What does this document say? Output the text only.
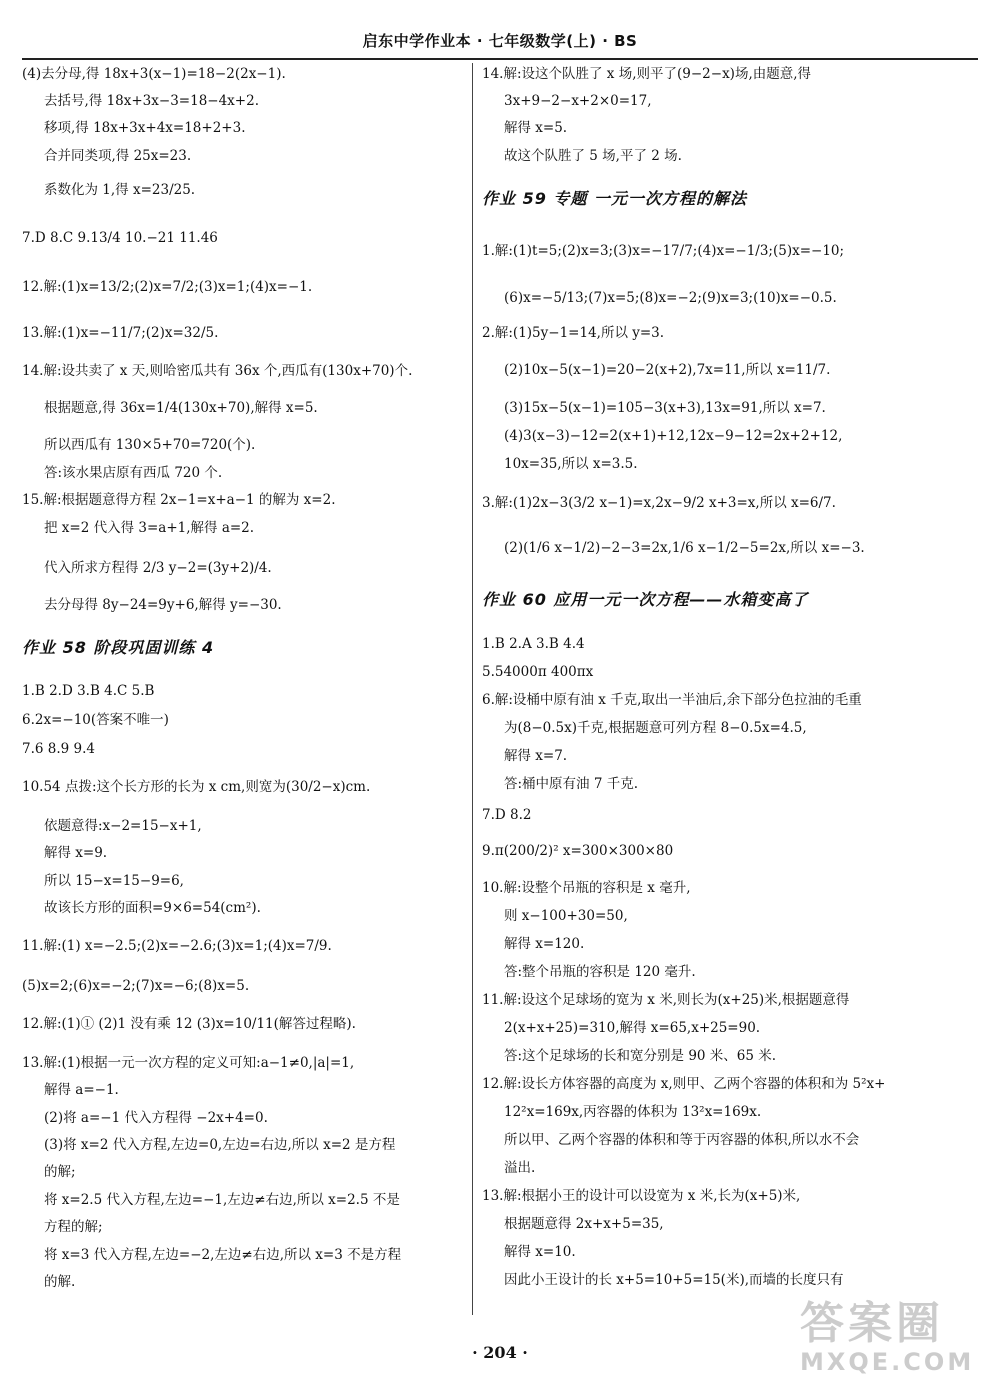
启东中学作业本 · 七年级数学(上) · BS
(4)去分母,得 18x+3(x−1)=18−2(2x−1).
去括号,得 18x+3x−3=18−4x+2.
移项,得 18x+3x+4x=18+2+3.
合并同类项,得 25x=23.
系数化为 1,得 x=23/25.
7.D 8.C 9.13/4 10.−21 11.46
12.解:(1)x=13/2;(2)x=7/2;(3)x=1;(4)x=−1.
13.解:(1)x=−11/7;(2)x=32/5.
14.解:设共卖了 x 天,则哈密瓜共有 36x 个,西瓜有(130x+70)个.
根据题意,得 36x=1/4(130x+70),解得 x=5.
所以西瓜有 130×5+70=720(个).
答:该水果店原有西瓜 720 个.
15.解:根据题意得方程 2x−1=x+a−1 的解为 x=2.
把 x=2 代入得 3=a+1,解得 a=2.
代入所求方程得 2/3 y−2=(3y+2)/4.
去分母得 8y−24=9y+6,解得 y=−30.
作业 58 阶段巩固训练 4
1.B 2.D 3.B 4.C 5.B
6.2x=−10(答案不唯一)
7.6 8.9 9.4
10.54 点拨:这个长方形的长为 x cm,则宽为(30/2−x)cm.
依题意得:x−2=15−x+1,
解得 x=9.
所以 15−x=15−9=6,
故该长方形的面积=9×6=54(cm²).
11.解:(1) x=−2.5;(2)x=−2.6;(3)x=1;(4)x=7/9.
(5)x=2;(6)x=−2;(7)x=−6;(8)x=5.
12.解:(1)① (2)1 没有乘 12 (3)x=10/11(解答过程略).
13.解:(1)根据一元一次方程的定义可知:a−1≠0,|a|=1,
解得 a=−1.
(2)将 a=−1 代入方程得 −2x+4=0.
(3)将 x=2 代入方程,左边=0,左边=右边,所以 x=2 是方程
的解;
将 x=2.5 代入方程,左边=−1,左边≠右边,所以 x=2.5 不是
方程的解;
将 x=3 代入方程,左边=−2,左边≠右边,所以 x=3 不是方程
的解.
14.解:设这个队胜了 x 场,则平了(9−2−x)场,由题意,得
3x+9−2−x+2×0=17,
解得 x=5.
故这个队胜了 5 场,平了 2 场.
作业 59 专题 一元一次方程的解法
1.解:(1)t=5;(2)x=3;(3)x=−17/7;(4)x=−1/3;(5)x=−10;
(6)x=−5/13;(7)x=5;(8)x=−2;(9)x=3;(10)x=−0.5.
2.解:(1)5y−1=14,所以 y=3.
(2)10x−5(x−1)=20−2(x+2),7x=11,所以 x=11/7.
(3)15x−5(x−1)=105−3(x+3),13x=91,所以 x=7.
(4)3(x−3)−12=2(x+1)+12,12x−9−12=2x+2+12,
10x=35,所以 x=3.5.
3.解:(1)2x−3(3/2 x−1)=x,2x−9/2 x+3=x,所以 x=6/7.
(2)(1/6 x−1/2)−2−3=2x,1/6 x−1/2−5=2x,所以 x=−3.
作业 60 应用一元一次方程——水箱变高了
1.B 2.A 3.B 4.4
5.54000π 400πx
6.解:设桶中原有油 x 千克,取出一半油后,余下部分色拉油的毛重
为(8−0.5x)千克,根据题意可列方程 8−0.5x=4.5,
解得 x=7.
答:桶中原有油 7 千克.
7.D 8.2
9.π(200/2)² x=300×300×80
10.解:设整个吊瓶的容积是 x 毫升,
则 x−100+30=50,
解得 x=120.
答:整个吊瓶的容积是 120 毫升.
11.解:设这个足球场的宽为 x 米,则长为(x+25)米,根据题意得
2(x+x+25)=310,解得 x=65,x+25=90.
答:这个足球场的长和宽分别是 90 米、65 米.
12.解:设长方体容器的高度为 x,则甲、乙两个容器的体积和为 5²x+
12²x=169x,丙容器的体积为 13²x=169x.
所以甲、乙两个容器的体积和等于丙容器的体积,所以水不会
溢出.
13.解:根据小王的设计可以设宽为 x 米,长为(x+5)米,
根据题意得 2x+x+5=35,
解得 x=10.
因此小王设计的长 x+5=10+5=15(米),而墙的长度只有
· 204 ·
答案圈
MXQE.COM
